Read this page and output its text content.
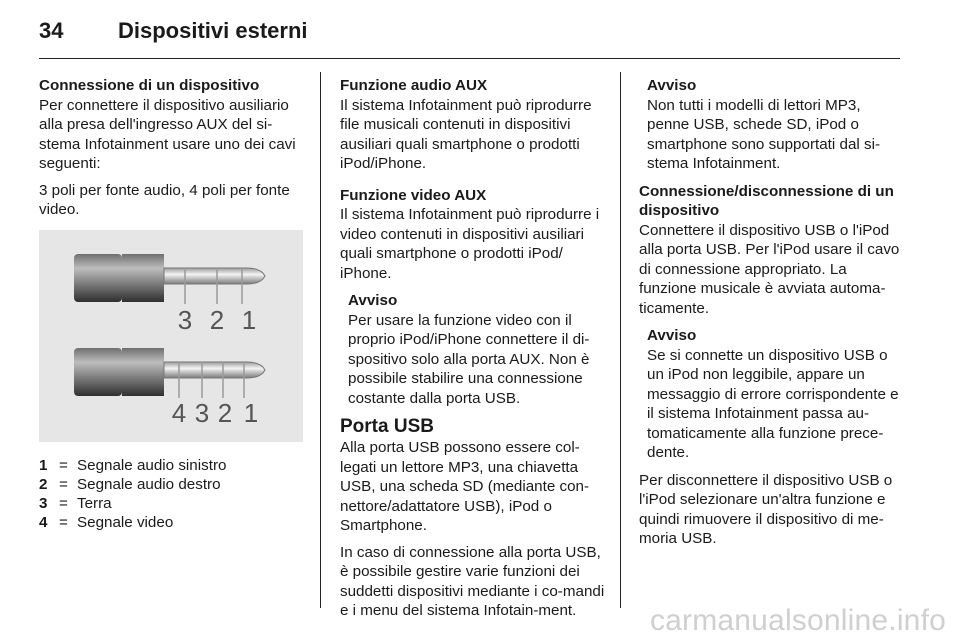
34	Dispositivi esterni
Connessione di un dispositivo
Per connettere il dispositivo ausiliario alla presa dell'ingresso AUX del si-stema Infotainment usare uno dei cavi seguenti:
3 poli per fonte audio, 4 poli per fonte video.
3 2 1
4 3 2 1
1 = Segnale audio sinistro
2 = Segnale audio destro
3 = Terra
4 = Segnale video
Funzione audio AUX
Il sistema Infotainment può riprodurre file musicali contenuti in dispositivi ausiliari quali smartphone o prodotti iPod/iPhone.
Funzione video AUX
Il sistema Infotainment può riprodurre i video contenuti in dispositivi ausiliari quali smartphone o prodotti iPod/ iPhone.
Avviso
Per usare la funzione video con il proprio iPod/iPhone connettere il di-spositivo solo alla porta AUX. Non è possibile stabilire una connessione costante dalla porta USB.
Porta USB
Alla porta USB possono essere col-legati un lettore MP3, una chiavetta USB, una scheda SD (mediante con-nettore/adattatore USB), iPod o Smartphone.
In caso di connessione alla porta USB, è possibile gestire varie funzioni dei suddetti dispositivi mediante i co-mandi e i menu del sistema Infotain-ment.
Avviso
Non tutti i modelli di lettori MP3, penne USB, schede SD, iPod o smartphone sono supportati dal si-stema Infotainment.
Connessione/disconnessione di un dispositivo
Connettere il dispositivo USB o l'iPod alla porta USB. Per l'iPod usare il cavo di connessione appropriato. La funzione musicale è avviata automa-ticamente.
Avviso
Se si connette un dispositivo USB o un iPod non leggibile, appare un messaggio di errore corrispondente e il sistema Infotainment passa au-tomaticamente alla funzione prece-dente.
Per disconnettere il dispositivo USB o l'iPod selezionare un'altra funzione e quindi rimuovere il dispositivo di me-moria USB.
carmanualsonline.info
